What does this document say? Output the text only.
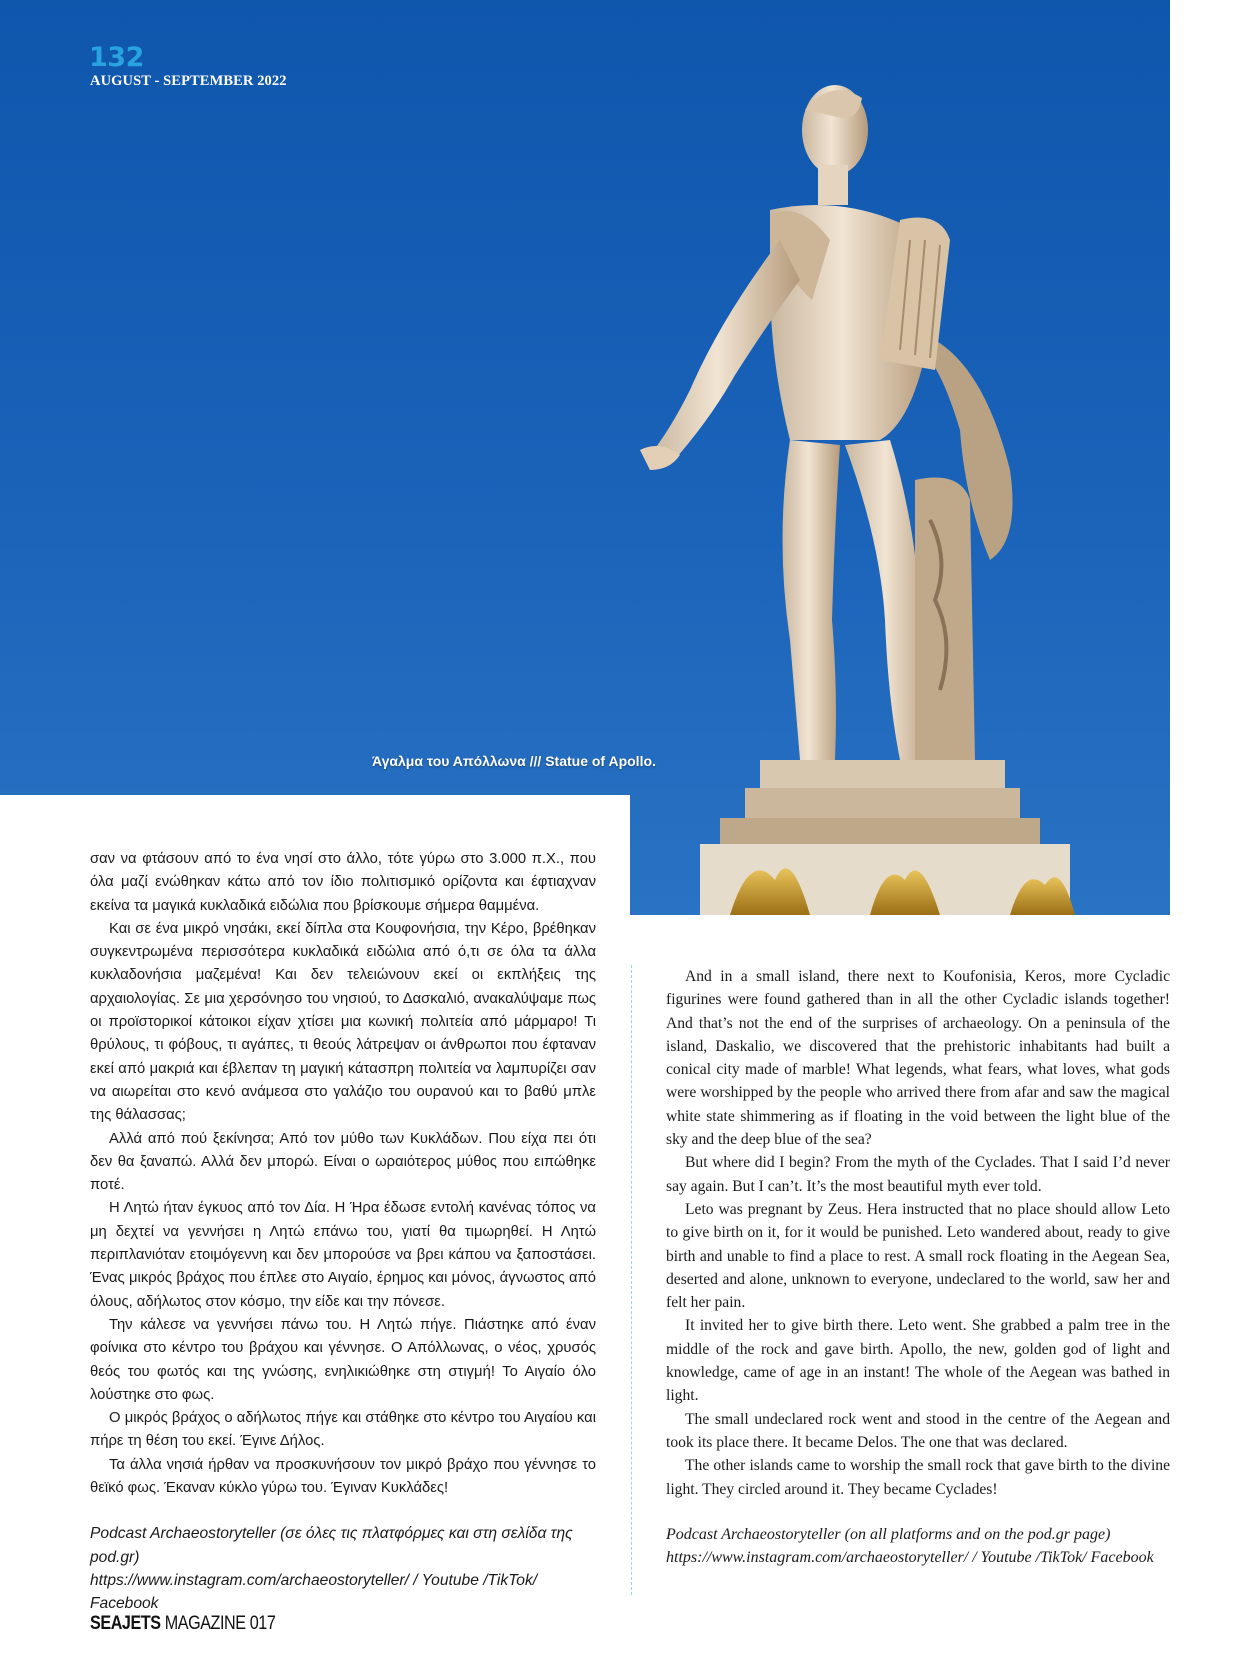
132
AUGUST - SEPTEMBER 2022
Άγαλμα του Απόλλωνα /// Statue of Apollo.

σαν να φτάσουν από το ένα νησί στο άλλο, τότε γύρω στο 3.000 π.Χ., που όλα μαζί ενώθηκαν κάτω από τον ίδιο πολιτισμικό ορίζοντα και έφτιαχναν εκείνα τα μαγικά κυκλαδικά ειδώλια που βρίσκουμε σήμερα θαμμένα.

Και σε ένα μικρό νησάκι, εκεί δίπλα στα Κουφονήσια, την Κέρο, βρέθηκαν συγκεντρωμένα περισσότερα κυκλαδικά ειδώλια από ό,τι σε όλα τα άλλα κυκλαδονήσια μαζεμένα! Και δεν τελειώνουν εκεί οι εκπλήξεις της αρχαιολογίας. Σε μια χερσόνησο του νησιού, το Δασκαλιό, ανακαλύψαμε πως οι προϊστορικοί κάτοικοι είχαν χτίσει μια κωνική πολιτεία από μάρμαρο! Τι θρύλους, τι φόβους, τι αγάπες, τι θεούς λάτρεψαν οι άνθρωποι που έφταναν εκεί από μακριά και έβλεπαν τη μαγική κάτασπρη πολιτεία να λαμπυρίζει σαν να αιωρείται στο κενό ανάμεσα στο γαλάζιο του ουρανού και το βαθύ μπλε της θάλασσας;

Αλλά από πού ξεκίνησα; Από τον μύθο των Κυκλάδων. Που είχα πει ότι δεν θα ξαναπώ. Αλλά δεν μπορώ. Είναι ο ωραιότερος μύθος που ειπώθηκε ποτέ.

Η Λητώ ήταν έγκυος από τον Δία. Η Ήρα έδωσε εντολή κανένας τόπος να μη δεχτεί να γεννήσει η Λητώ επάνω του, γιατί θα τιμωρηθεί. Η Λητώ περιπλανιόταν ετοιμόγεννη και δεν μπορούσε να βρει κάπου να ξαποστάσει. Ένας μικρός βράχος που έπλεε στο Αιγαίο, έρημος και μόνος, άγνωστος από όλους, αδήλωτος στον κόσμο, την είδε και την πόνεσε.

Την κάλεσε να γεννήσει πάνω του. Η Λητώ πήγε. Πιάστηκε από έναν φοίνικα στο κέντρο του βράχου και γέννησε. Ο Απόλλωνας, ο νέος, χρυσός θεός του φωτός και της γνώσης, ενηλικιώθηκε στη στιγμή! Το Αιγαίο όλο λούστηκε στο φως.

Ο μικρός βράχος ο αδήλωτος πήγε και στάθηκε στο κέντρο του Αιγαίου και πήρε τη θέση του εκεί. Έγινε Δήλος.

Τα άλλα νησιά ήρθαν να προσκυνήσουν τον μικρό βράχο που γέννησε το θεϊκό φως. Έκαναν κύκλο γύρω του. Έγιναν Κυκλάδες!

Podcast Archaeostoryteller (σε όλες τις πλατφόρμες και στη σελίδα της pod.gr)
https://www.instagram.com/archaeostoryteller/ / Youtube /TikTok/ Facebook

And in a small island, there next to Koufonisia, Keros, more Cycladic figurines were found gathered than in all the other Cycladic islands together! And that’s not the end of the surprises of archaeology. On a peninsula of the island, Daskalio, we discovered that the prehistoric inhabitants had built a conical city made of marble! What legends, what fears, what loves, what gods were worshipped by the people who arrived there from afar and saw the magical white state shimmering as if floating in the void between the light blue of the sky and the deep blue of the sea?

But where did I begin? From the myth of the Cyclades. That I said I’d never say again. But I can’t. It’s the most beautiful myth ever told.

Leto was pregnant by Zeus. Hera instructed that no place should allow Leto to give birth on it, for it would be punished. Leto wandered about, ready to give birth and unable to find a place to rest. A small rock floating in the Aegean Sea, deserted and alone, unknown to everyone, undeclared to the world, saw her and felt her pain.

It invited her to give birth there. Leto went. She grabbed a palm tree in the middle of the rock and gave birth. Apollo, the new, golden god of light and knowledge, came of age in an instant! The whole of the Aegean was bathed in light.

The small undeclared rock went and stood in the centre of the Aegean and took its place there. It became Delos. The one that was declared.

The other islands came to worship the small rock that gave birth to the divine light. They circled around it. They became Cyclades!

Podcast Archaeostoryteller (on all platforms and on the pod.gr page)
https://www.instagram.com/archaeostoryteller/ / Youtube /TikTok/ Facebook
SEAJETS MAGAZINE 017
